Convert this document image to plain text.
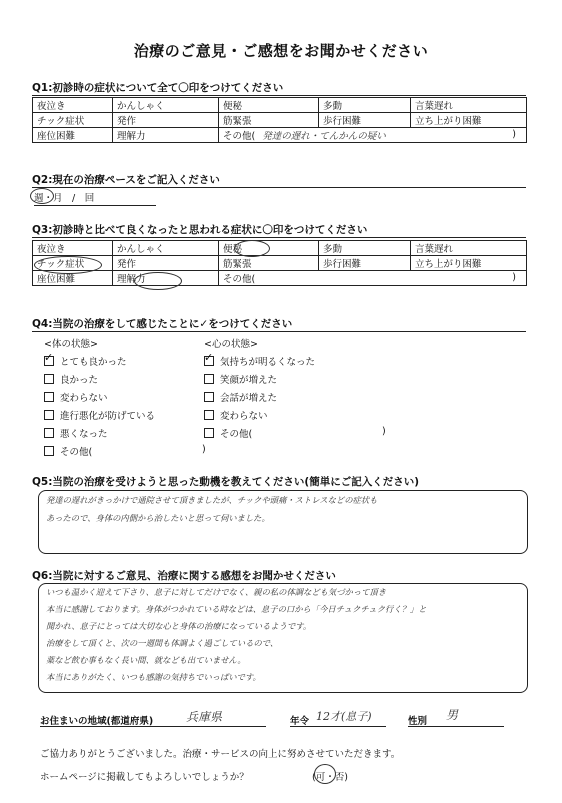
治療のご意見・ご感想をお聞かせください
Q1:初診時の症状について全て〇印をつけてください
夜泣き	かんしゃく	便秘	多動	言葉遅れ
チック症状	発作	筋緊張	歩行困難	立ち上がり困難
座位困難	理解力	その他( 発達の遅れ・てんかんの疑い )		
Q2:現在の治療ペースをご記入ください
週・月　/　回
Q3:初診時と比べて良くなったと思われる症状に〇印をつけてください
夜泣き	かんしゃく	便秘	多動	言葉遅れ
チック症状	発作	筋緊張	歩行困難	立ち上がり困難
座位困難	理解力	その他( )		
Q4:当院の治療をして感じたことに✓をつけてください
<体の状態>	<心の状態>
✓とても良かった
良かった
変わらない
進行悪化が防げている
悪くなった
その他(	)
✓気持ちが明るくなった
笑顔が増えた
会話が増えた
変わらない
その他(	)
Q5:当院の治療を受けようと思った動機を教えてください(簡単にご記入ください)
発達の遅れがきっかけで通院させて頂きましたが、チックや頭痛・ストレスなどの症状も
あったので、身体の内側から治したいと思って伺いました。
Q6:当院に対するご意見、治療に関する感想をお聞かせください
いつも温かく迎えて下さり、息子に対してだけでなく、親の私の体調なども気づかって頂き
本当に感謝しております。身体がつかれている時などは、息子の口から「今日チュクチュク行く？」と
聞かれ、息子にとっては大切な心と身体の治療になっているようです。
治療をして頂くと、次の一週間も体調よく過ごしているので、
薬など飲む事もなく長い間、就なども出ていません。
本当にありがたく、いつも感謝の気持ちでいっぱいです。
お住まいの地域(都道府県)	兵庫県	年令 12才(息子)	性別 男
ご協力ありがとうございました。治療・サービスの向上に努めさせていただきます。
ホームページに掲載してもよろしいでしょうか？	(可・否)
